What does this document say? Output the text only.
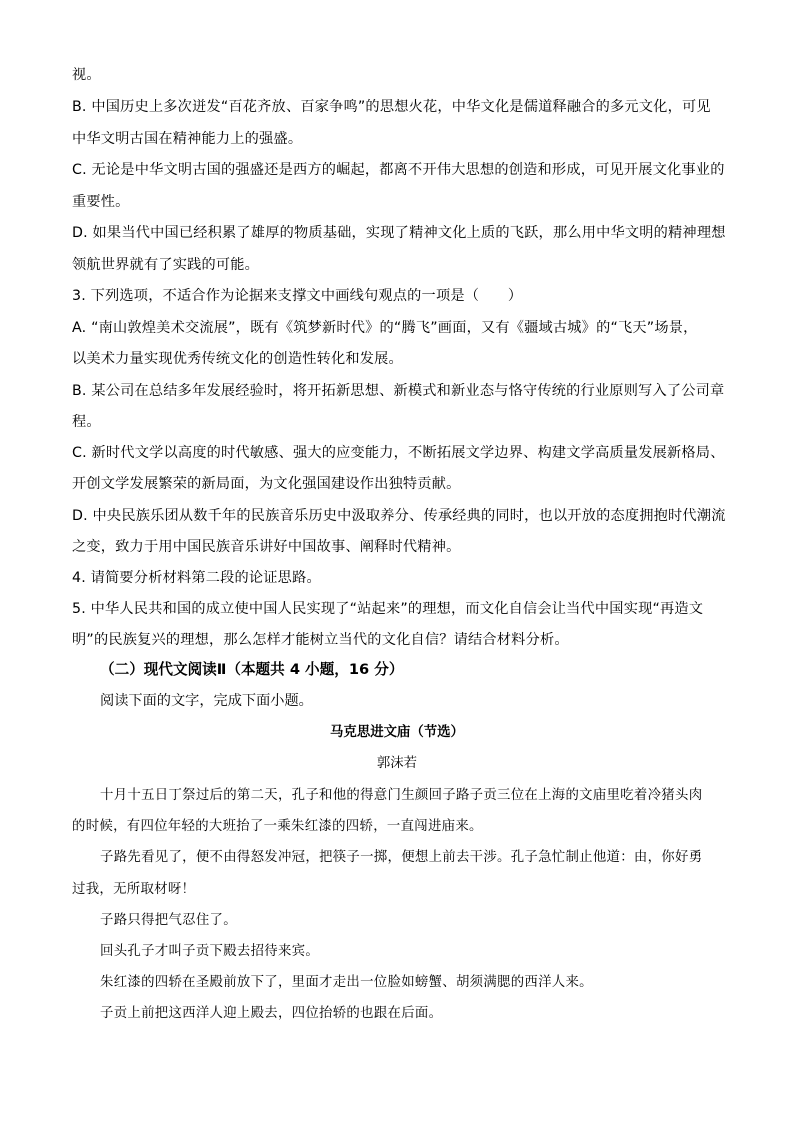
视。
B. 中国历史上多次迸发“百花齐放、百家争鸣”的思想火花，中华文化是儒道释融合的多元文化，可见
中华文明古国在精神能力上的强盛。
C. 无论是中华文明古国的强盛还是西方的崛起，都离不开伟大思想的创造和形成，可见开展文化事业的
重要性。
D. 如果当代中国已经积累了雄厚的物质基础，实现了精神文化上质的飞跃，那么用中华文明的精神理想
领航世界就有了实践的可能。
3. 下列选项，不适合作为论据来支撑文中画线句观点的一项是（　　）
A. “南山敦煌美术交流展”，既有《筑梦新时代》的“腾飞”画面，又有《疆域古城》的“飞天”场景，
以美术力量实现优秀传统文化的创造性转化和发展。
B. 某公司在总结多年发展经验时，将开拓新思想、新模式和新业态与恪守传统的行业原则写入了公司章
程。
C. 新时代文学以高度的时代敏感、强大的应变能力，不断拓展文学边界、构建文学高质量发展新格局、
开创文学发展繁荣的新局面，为文化强国建设作出独特贡献。
D. 中央民族乐团从数千年的民族音乐历史中汲取养分、传承经典的同时，也以开放的态度拥抱时代潮流
之变，致力于用中国民族音乐讲好中国故事、阐释时代精神。
4. 请简要分析材料第二段的论证思路。
5. 中华人民共和国的成立使中国人民实现了“站起来”的理想，而文化自信会让当代中国实现“再造文
明”的民族复兴的理想，那么怎样才能树立当代的文化自信？请结合材料分析。
（二）现代文阅读Ⅱ（本题共 4 小题，16 分）
阅读下面的文字，完成下面小题。
马克思进文庙（节选）
郭沫若
十月十五日丁祭过后的第二天，孔子和他的得意门生颜回子路子贡三位在上海的文庙里吃着冷猪头肉
的时候，有四位年轻的大班抬了一乘朱红漆的四轿，一直闯进庙来。
子路先看见了，便不由得怒发冲冠，把筷子一掷，便想上前去干涉。孔子急忙制止他道：由，你好勇
过我，无所取材呀！
子路只得把气忍住了。
回头孔子才叫子贡下殿去招待来宾。
朱红漆的四轿在圣殿前放下了，里面才走出一位脸如螃蟹、胡须满腮的西洋人来。
子贡上前把这西洋人迎上殿去，四位抬轿的也跟在后面。
